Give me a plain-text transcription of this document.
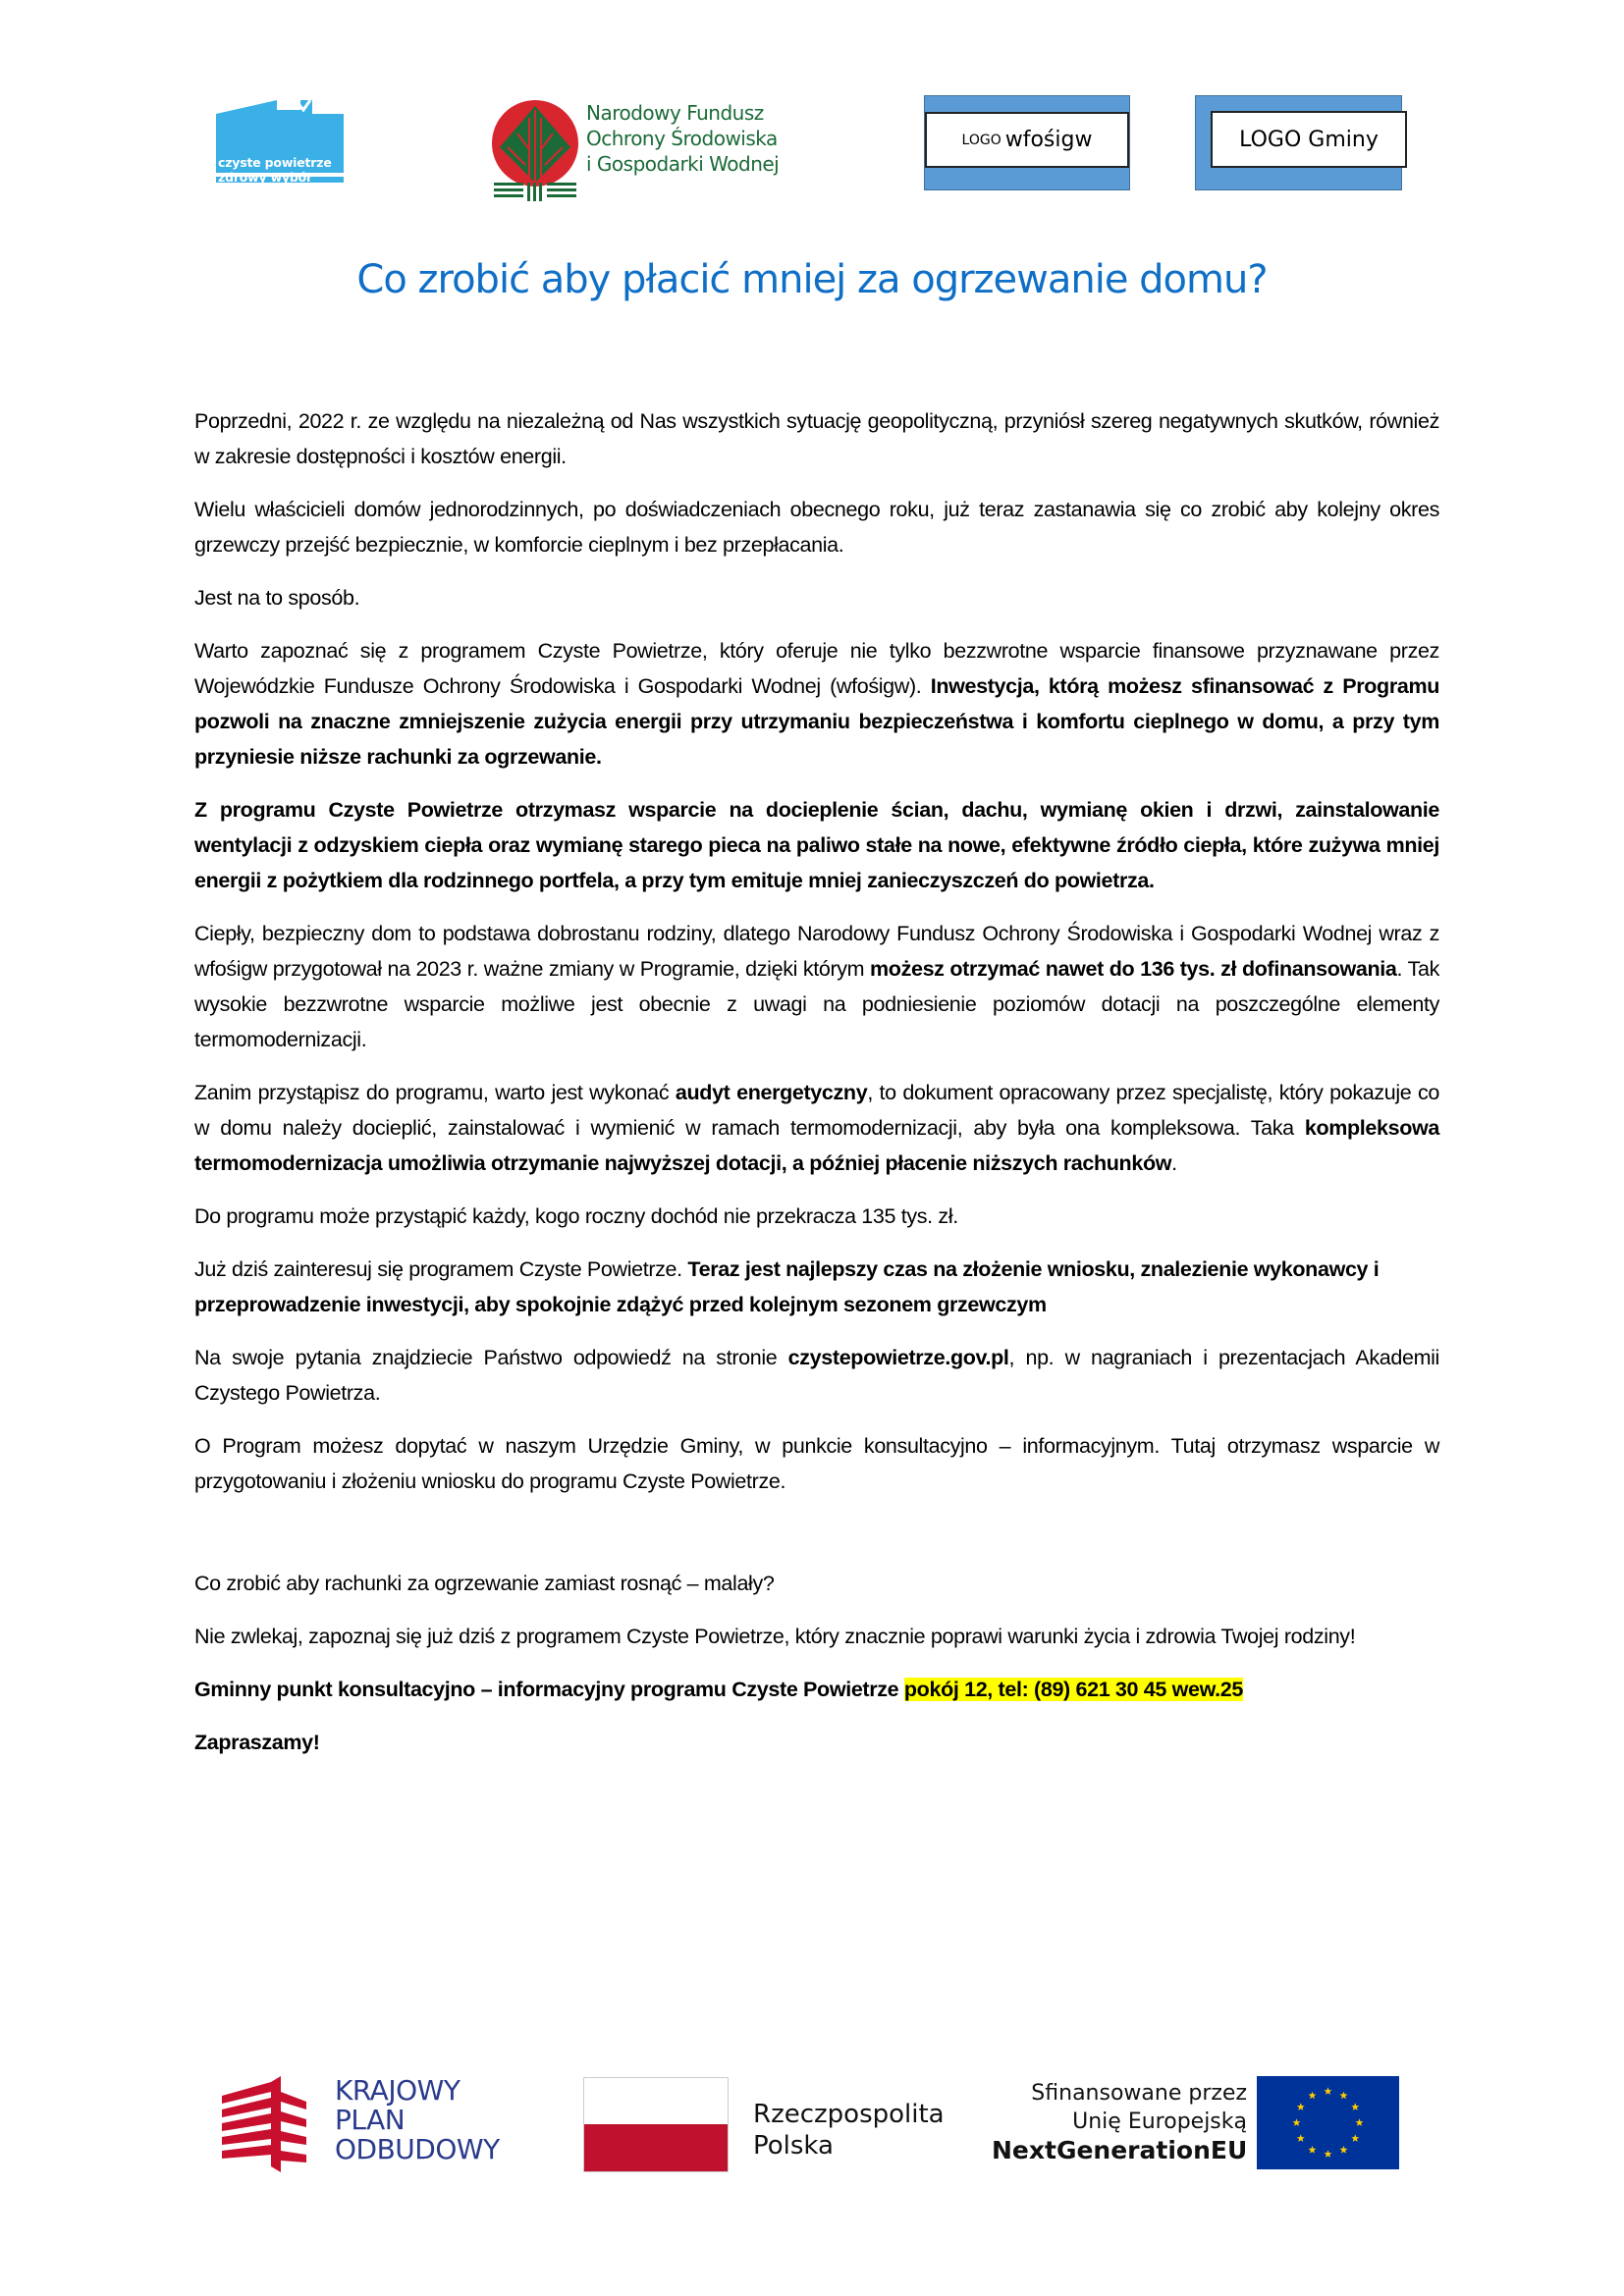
czyste powietrze
zdrowy wybór
Narodowy Fundusz
Ochrony Środowiska
i Gospodarki Wodnej
LOGO wfośigw	LOGO Gminy
Co zrobić aby płacić mniej za ogrzewanie domu?

Poprzedni, 2022 r. ze względu na niezależną od Nas wszystkich sytuację geopolityczną, przyniósł szereg negatywnych skutków, również w zakresie dostępności i kosztów energii.

Wielu właścicieli domów jednorodzinnych, po doświadczeniach obecnego roku, już teraz zastanawia się co zrobić aby kolejny okres grzewczy przejść bezpiecznie, w komforcie cieplnym i bez przepłacania.

Jest na to sposób.

Warto zapoznać się z programem Czyste Powietrze, który oferuje nie tylko bezzwrotne wsparcie finansowe przyznawane przez Wojewódzkie Fundusze Ochrony Środowiska i Gospodarki Wodnej (wfośigw). Inwestycja, którą możesz sfinansować z Programu pozwoli na znaczne zmniejszenie zużycia energii przy utrzymaniu bezpieczeństwa i komfortu cieplnego w domu, a przy tym przyniesie niższe rachunki za ogrzewanie.

Z programu Czyste Powietrze otrzymasz wsparcie na docieplenie ścian, dachu, wymianę okien i drzwi, zainstalowanie wentylacji z odzyskiem ciepła oraz wymianę starego pieca na paliwo stałe na nowe, efektywne źródło ciepła, które zużywa mniej energii z pożytkiem dla rodzinnego portfela, a przy tym emituje mniej zanieczyszczeń do powietrza.

Ciepły, bezpieczny dom to podstawa dobrostanu rodziny, dlatego Narodowy Fundusz Ochrony Środowiska i Gospodarki Wodnej wraz z wfośigw przygotował na 2023 r. ważne zmiany w Programie, dzięki którym możesz otrzymać nawet do 136 tys. zł dofinansowania. Tak wysokie bezzwrotne wsparcie możliwe jest obecnie z uwagi na podniesienie poziomów dotacji na poszczególne elementy termomodernizacji.

Zanim przystąpisz do programu, warto jest wykonać audyt energetyczny, to dokument opracowany przez specjalistę, który pokazuje co w domu należy docieplić, zainstalować i wymienić w ramach termomodernizacji, aby była ona kompleksowa. Taka kompleksowa termomodernizacja umożliwia otrzymanie najwyższej dotacji, a później płacenie niższych rachunków.

Do programu może przystąpić każdy, kogo roczny dochód nie przekracza 135 tys. zł.

Już dziś zainteresuj się programem Czyste Powietrze. Teraz jest najlepszy czas na złożenie wniosku, znalezienie wykonawcy i przeprowadzenie inwestycji, aby spokojnie zdążyć przed kolejnym sezonem grzewczym

Na swoje pytania znajdziecie Państwo odpowiedź na stronie czystepowietrze.gov.pl, np. w nagraniach i prezentacjach Akademii Czystego Powietrza.

O Program możesz dopytać w naszym Urzędzie Gminy, w punkcie konsultacyjno – informacyjnym. Tutaj otrzymasz wsparcie w przygotowaniu i złożeniu wniosku do programu Czyste Powietrze.

Co zrobić aby rachunki za ogrzewanie zamiast rosnąć – malały?

Nie zwlekaj, zapoznaj się już dziś z programem Czyste Powietrze, który znacznie poprawi warunki życia i zdrowia Twojej rodziny!

Gminny punkt konsultacyjno – informacyjny programu Czyste Powietrze pokój 12, tel: (89) 621 30 45 wew.25

Zapraszamy!

KRAJOWY
PLAN
ODBUDOWY
Rzeczpospolita
Polska
Sfinansowane przez
Unię Europejską
NextGenerationEU
